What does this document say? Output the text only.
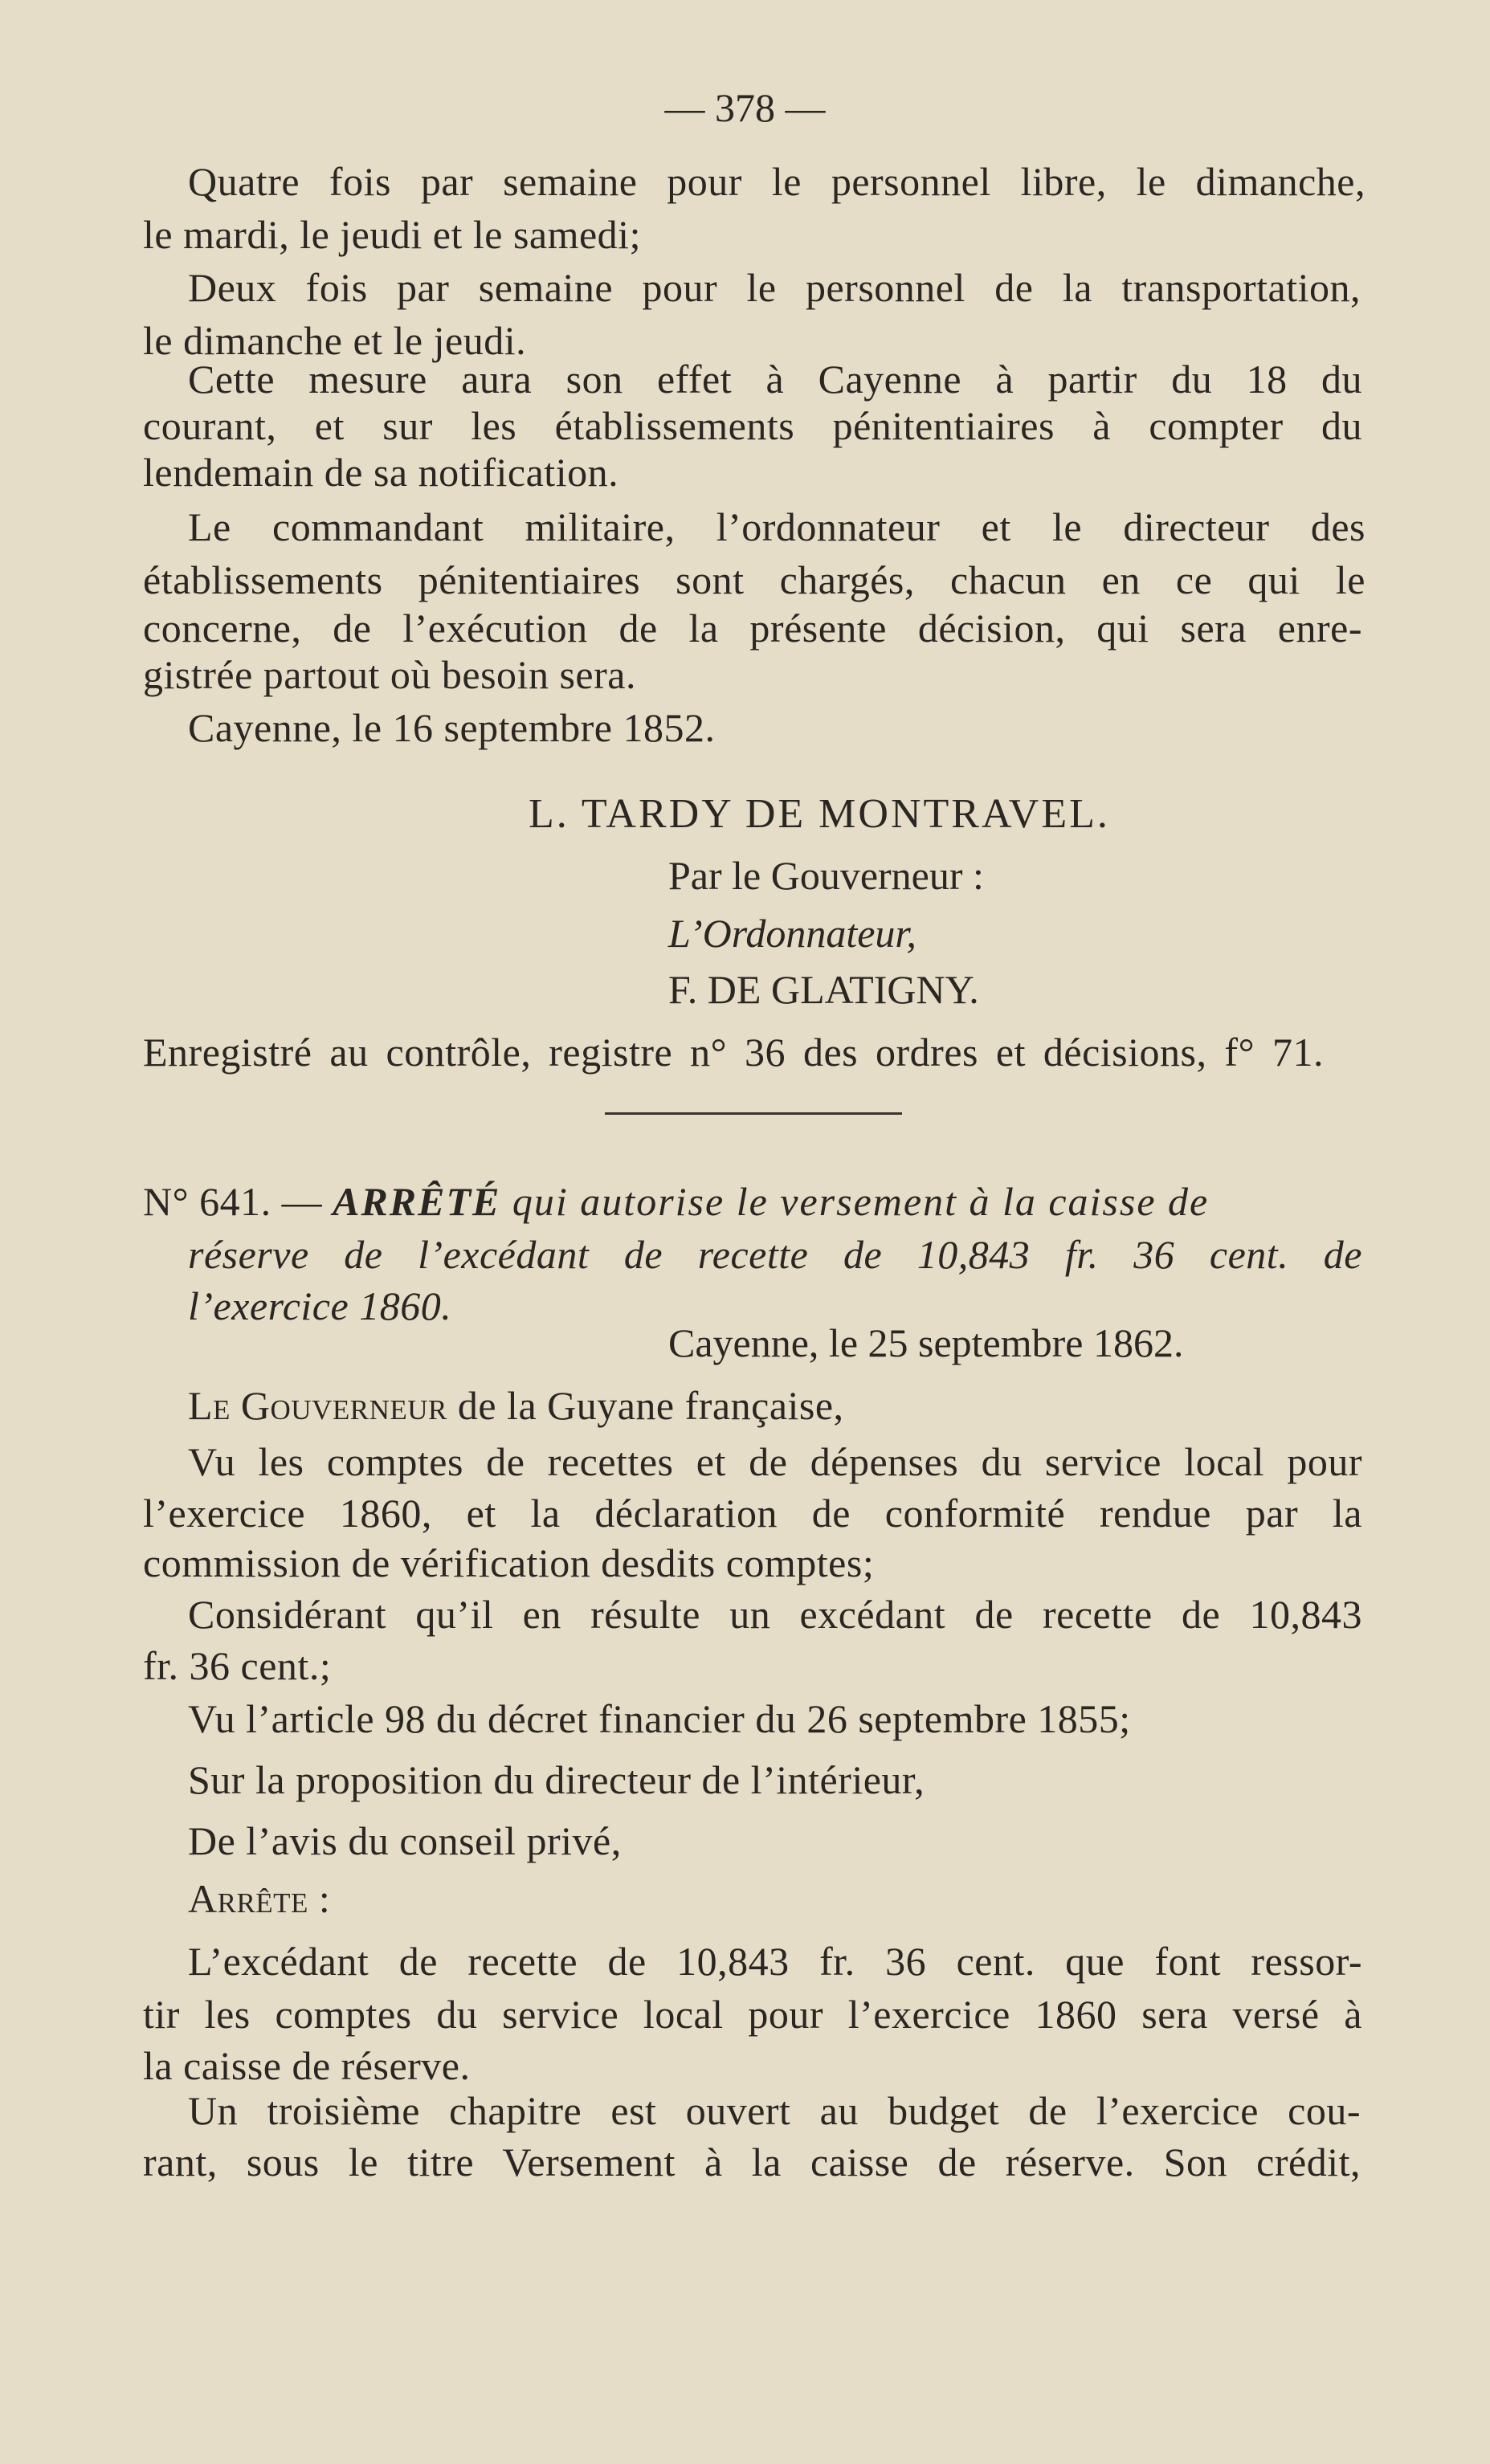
— 378 —
Quatre fois par semaine pour le personnel libre, le dimanche,
le mardi, le jeudi et le samedi;
Deux fois par semaine pour le personnel de la transportation,
le dimanche et le jeudi.
Cette mesure aura son effet à Cayenne à partir du 18 du
courant, et sur les établissements pénitentiaires à compter du
lendemain de sa notification.
Le commandant militaire, l’ordonnateur et le directeur des
établissements pénitentiaires sont chargés, chacun en ce qui le
concerne, de l’exécution de la présente décision, qui sera enre-
gistrée partout où besoin sera.
Cayenne, le 16 septembre 1852.
L. TARDY DE MONTRAVEL.
Par le Gouverneur :
L’Ordonnateur,
F. DE GLATIGNY.
Enregistré au contrôle, registre n° 36 des ordres et décisions, f° 71.
N° 641. — ARRÊTÉ qui autorise le versement à la caisse de
réserve de l’excédant de recette de 10,843 fr. 36 cent. de
l’exercice 1860.
Cayenne, le 25 septembre 1862.
Le Gouverneur de la Guyane française,
Vu les comptes de recettes et de dépenses du service local pour
l’exercice 1860, et la déclaration de conformité rendue par la
commission de vérification desdits comptes;
Considérant qu’il en résulte un excédant de recette de 10,843
fr. 36 cent.;
Vu l’article 98 du décret financier du 26 septembre 1855;
Sur la proposition du directeur de l’intérieur,
De l’avis du conseil privé,
Arrête :
L’excédant de recette de 10,843 fr. 36 cent. que font ressor-
tir les comptes du service local pour l’exercice 1860 sera versé à
la caisse de réserve.
Un troisième chapitre est ouvert au budget de l’exercice cou-
rant, sous le titre Versement à la caisse de réserve. Son crédit,
